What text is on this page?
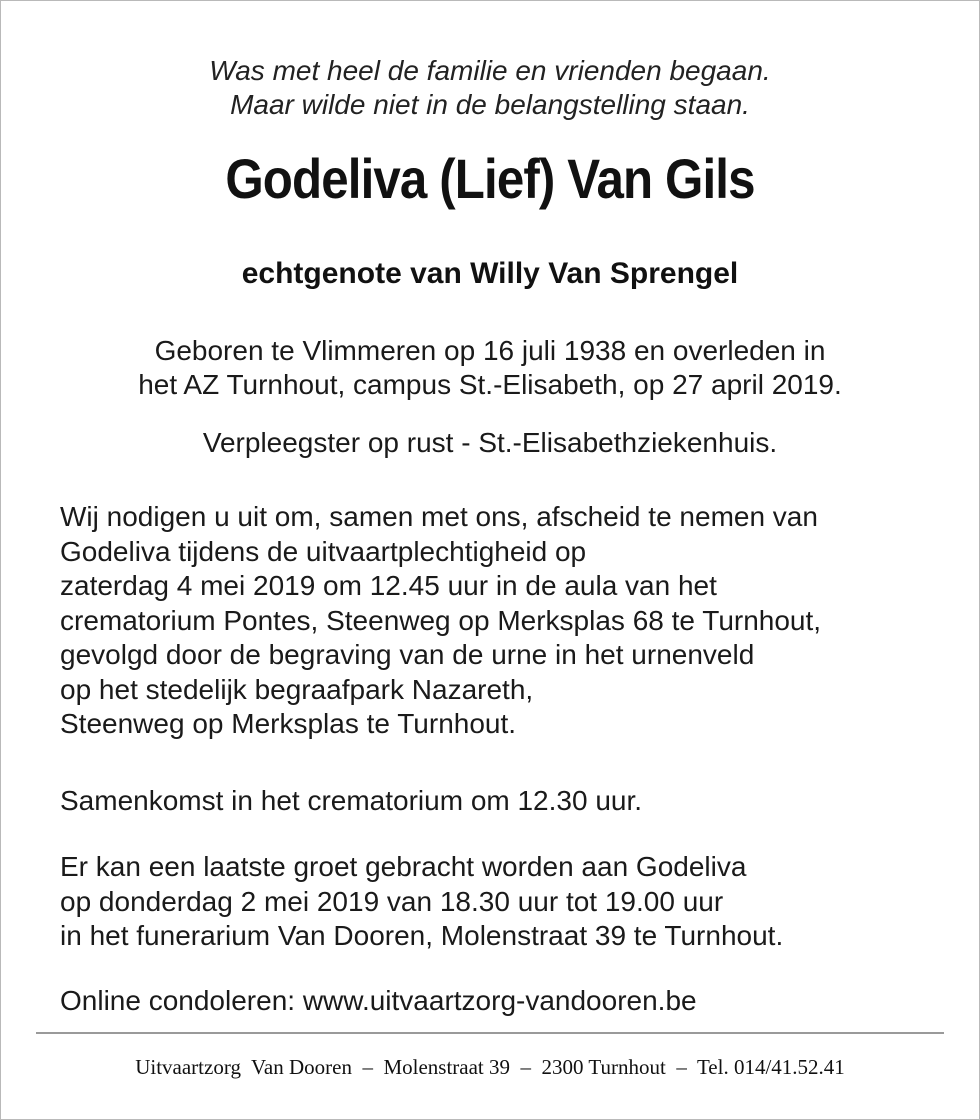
Was met heel de familie en vrienden begaan.
Maar wilde niet in de belangstelling staan.
Godeliva (Lief) Van Gils
echtgenote van Willy Van Sprengel
Geboren te Vlimmeren op 16 juli 1938 en overleden in
het AZ Turnhout, campus St.-Elisabeth, op 27 april 2019.
Verpleegster op rust - St.-Elisabethziekenhuis.
Wij nodigen u uit om, samen met ons, afscheid te nemen van
Godeliva tijdens de uitvaartplechtigheid op
zaterdag 4 mei 2019 om 12.45 uur in de aula van het
crematorium Pontes, Steenweg op Merksplas 68 te Turnhout,
gevolgd door de begraving van de urne in het urnenveld
op het stedelijk begraafpark Nazareth,
Steenweg op Merksplas te Turnhout.
Samenkomst in het crematorium om 12.30 uur.
Er kan een laatste groet gebracht worden aan Godeliva
op donderdag 2 mei 2019 van 18.30 uur tot 19.00 uur
in het funerarium Van Dooren, Molenstraat 39 te Turnhout.
Online condoleren: www.uitvaartzorg-vandooren.be
Uitvaartzorg  Van Dooren – Molenstraat 39 – 2300 Turnhout – Tel. 014/41.52.41
